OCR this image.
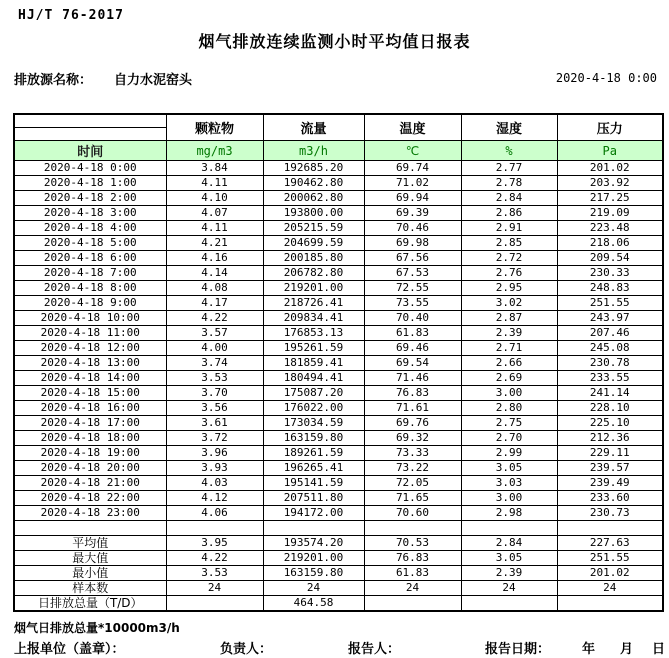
HJ/T 76-2017
烟气排放连续监测小时平均值日报表
排放源名称： 自力水泥窑头	2020-4-18 0:00
	颗粒物	流量	温度	湿度	压力

时间	mg/m3	m3/h	℃	%	Pa
2020-4-18 0:00	3.84	192685.20	69.74	2.77	201.02
2020-4-18 1:00	4.11	190462.80	71.02	2.78	203.92
2020-4-18 2:00	4.10	200062.80	69.94	2.84	217.25
2020-4-18 3:00	4.07	193800.00	69.39	2.86	219.09
2020-4-18 4:00	4.11	205215.59	70.46	2.91	223.48
2020-4-18 5:00	4.21	204699.59	69.98	2.85	218.06
2020-4-18 6:00	4.16	200185.80	67.56	2.72	209.54
2020-4-18 7:00	4.14	206782.80	67.53	2.76	230.33
2020-4-18 8:00	4.08	219201.00	72.55	2.95	248.83
2020-4-18 9:00	4.17	218726.41	73.55	3.02	251.55
2020-4-18 10:00	4.22	209834.41	70.40	2.87	243.97
2020-4-18 11:00	3.57	176853.13	61.83	2.39	207.46
2020-4-18 12:00	4.00	195261.59	69.46	2.71	245.08
2020-4-18 13:00	3.74	181859.41	69.54	2.66	230.78
2020-4-18 14:00	3.53	180494.41	71.46	2.69	233.55
2020-4-18 15:00	3.70	175087.20	76.83	3.00	241.14
2020-4-18 16:00	3.56	176022.00	71.61	2.80	228.10
2020-4-18 17:00	3.61	173034.59	69.76	2.75	225.10
2020-4-18 18:00	3.72	163159.80	69.32	2.70	212.36
2020-4-18 19:00	3.96	189261.59	73.33	2.99	229.11
2020-4-18 20:00	3.93	196265.41	73.22	3.05	239.57
2020-4-18 21:00	4.03	195141.59	72.05	3.03	239.49
2020-4-18 22:00	4.12	207511.80	71.65	3.00	233.60
2020-4-18 23:00	4.06	194172.00	70.60	2.98	230.73

平均值	3.95	193574.20	70.53	2.84	227.63
最大值	4.22	219201.00	76.83	3.05	251.55
最小值	3.53	163159.80	61.83	2.39	201.02
样本数	24	24	24	24	24
日排放总量（T/D）		464.58			
烟气日排放总量*10000m3/h
上报单位（盖章）：	负责人：	报告人：	报告日期： 年 月 日
